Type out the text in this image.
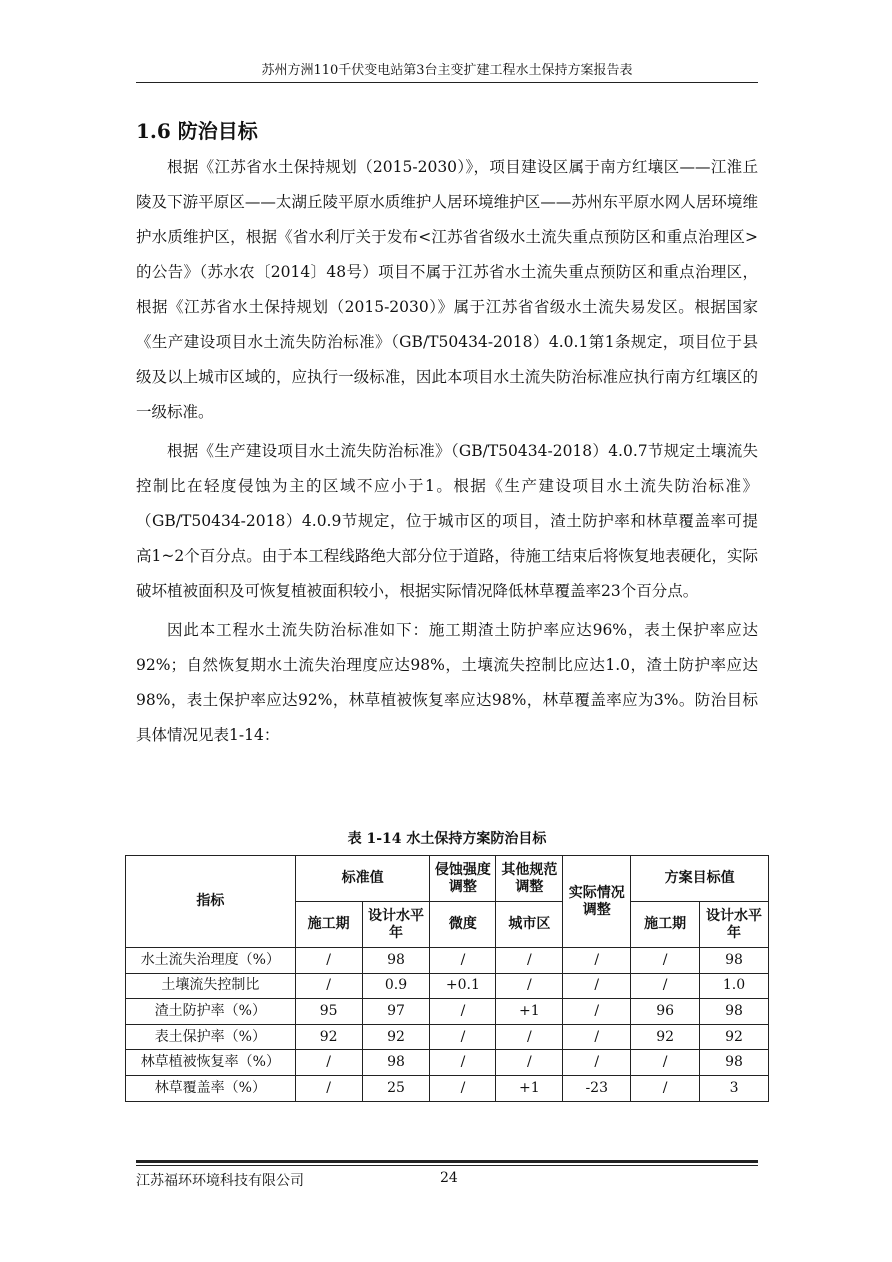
苏州方洲110千伏变电站第3台主变扩建工程水土保持方案报告表
1.6 防治目标

根据《江苏省水土保持规划（2015-2030）》，项目建设区属于南方红壤区——江淮丘陵及下游平原区——太湖丘陵平原水质维护人居环境维护区——苏州东平原水网人居环境维护水质维护区，根据《省水利厅关于发布<江苏省省级水土流失重点预防区和重点治理区>的公告》（苏水农〔2014〕48号）项目不属于江苏省水土流失重点预防区和重点治理区，根据《江苏省水土保持规划（2015-2030）》属于江苏省省级水土流失易发区。根据国家《生产建设项目水土流失防治标准》（GB/T50434-2018）4.0.1第1条规定，项目位于县级及以上城市区域的，应执行一级标准，因此本项目水土流失防治标准应执行南方红壤区的一级标准。

根据《生产建设项目水土流失防治标准》（GB/T50434-2018）4.0.7节规定土壤流失控制比在轻度侵蚀为主的区域不应小于1。根据《生产建设项目水土流失防治标准》（GB/T50434-2018）4.0.9节规定，位于城市区的项目，渣土防护率和林草覆盖率可提高1~2个百分点。由于本工程线路绝大部分位于道路，待施工结束后将恢复地表硬化，实际破坏植被面积及可恢复植被面积较小，根据实际情况降低林草覆盖率23个百分点。

因此本工程水土流失防治标准如下：施工期渣土防护率应达96%，表土保护率应达92%；自然恢复期水土流失治理度应达98%，土壤流失控制比应达1.0，渣土防护率应达98%，表土保护率应达92%，林草植被恢复率应达98%，林草覆盖率应为3%。防治目标具体情况见表1-14：

表 1-14 水土保持方案防治目标
指标	标准值		侵蚀强度调整	其他规范调整	实际情况调整	方案目标值	
	施工期	设计水平年	微度	城市区		施工期	设计水平年
水土流失治理度（%）	/	98	/	/	/	/	98
土壤流失控制比	/	0.9	+0.1	/	/	/	1.0
渣土防护率（%）	95	97	/	+1	/	96	98
表土保护率（%）	92	92	/	/	/	92	92
林草植被恢复率（%）	/	98	/	/	/	/	98
林草覆盖率（%）	/	25	/	+1	-23	/	3
江苏福环环境科技有限公司	24
